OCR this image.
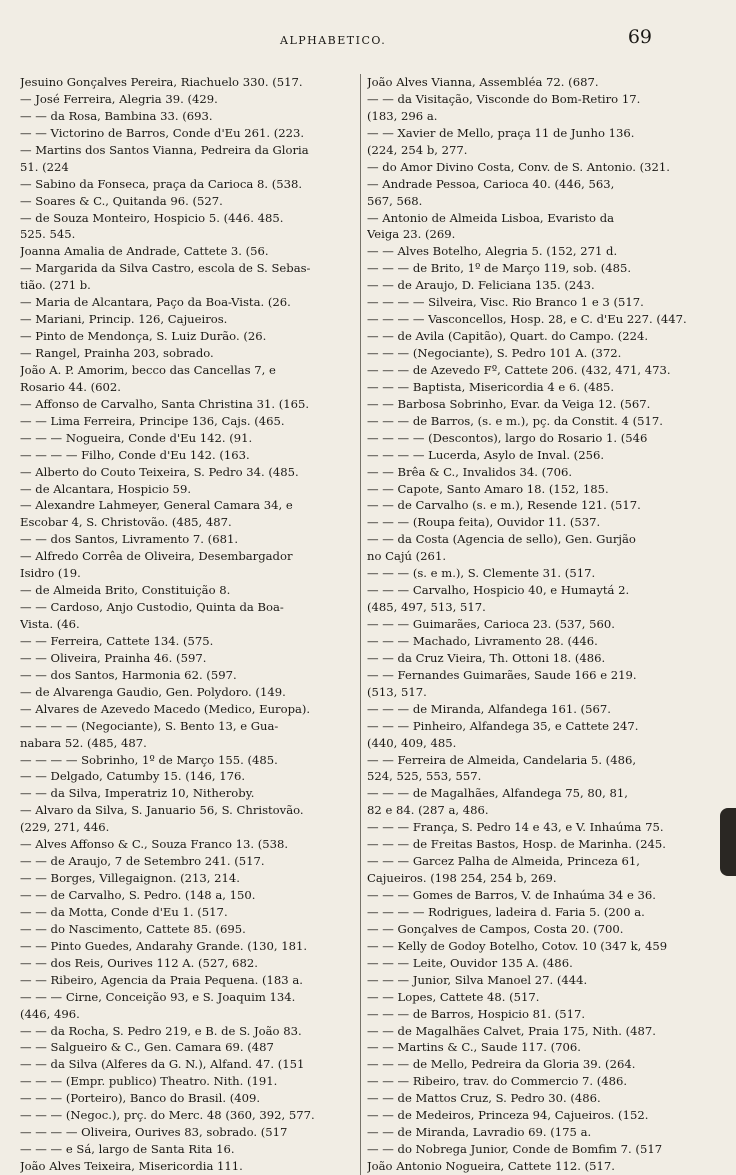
ALPHABETICO.	69
Jesuino Gonçalves Pereira, Riachuelo 330. (517.
— José Ferreira, Alegria 39. (429.
— — da Rosa, Bambina 33. (693.
— — Victorino de Barros, Conde d'Eu 261. (223.
— Martins dos Santos Vianna, Pedreira da Gloria
51. (224
— Sabino da Fonseca, praça da Carioca 8. (538.
— Soares & C., Quitanda 96. (527.
— de Souza Monteiro, Hospicio 5. (446. 485.
525. 545.
Joanna Amalia de Andrade, Cattete 3. (56.
— Margarida da Silva Castro, escola de S. Sebas-
tião. (271 b.
— Maria de Alcantara, Paço da Boa-Vista. (26.
— Mariani, Princip. 126, Cajueiros.
— Pinto de Mendonça, S. Luiz Durão. (26.
— Rangel, Prainha 203, sobrado.
João A. P. Amorim, becco das Cancellas 7, e
Rosario 44. (602.
— Affonso de Carvalho, Santa Christina 31. (165.
— — Lima Ferreira, Principe 136, Cajs. (465.
— — — Nogueira, Conde d'Eu 142. (91.
— — — — Filho, Conde d'Eu 142. (163.
— Alberto do Couto Teixeira, S. Pedro 34. (485.
— de Alcantara, Hospicio 59.
— Alexandre Lahmeyer, General Camara 34, e
Escobar 4, S. Christovão. (485, 487.
— — dos Santos, Livramento 7. (681.
— Alfredo Corrêa de Oliveira, Desembargador
Isidro (19.
— de Almeida Brito, Constituição 8.
— — Cardoso, Anjo Custodio, Quinta da Boa-
Vista. (46.
— — Ferreira, Cattete 134. (575.
— — Oliveira, Prainha 46. (597.
— — dos Santos, Harmonia 62. (597.
— de Alvarenga Gaudio, Gen. Polydoro. (149.
— Alvares de Azevedo Macedo (Medico, Europa).
— — — — (Negociante), S. Bento 13, e Gua-
nabara 52. (485, 487.
— — — — Sobrinho, 1º de Março 155. (485.
— — Delgado, Catumby 15. (146, 176.
— — da Silva, Imperatriz 10, Nitheroby.
— Alvaro da Silva, S. Januario 56, S. Christovão.
(229, 271, 446.
— Alves Affonso & C., Souza Franco 13. (538.
— — de Araujo, 7 de Setembro 241. (517.
— — Borges, Villegaignon. (213, 214.
— — de Carvalho, S. Pedro. (148 a, 150.
— — da Motta, Conde d'Eu 1. (517.
— — do Nascimento, Cattete 85. (695.
— — Pinto Guedes, Andarahy Grande. (130, 181.
— — dos Reis, Ourives 112 A. (527, 682.
— — Ribeiro, Agencia da Praia Pequena. (183 a.
— — — Cirne, Conceição 93, e S. Joaquim 134.
(446, 496.
— — da Rocha, S. Pedro 219, e B. de S. João 83.
— — Salgueiro & C., Gen. Camara 69. (487
— — da Silva (Alferes da G. N.), Alfand. 47. (151
— — — (Empr. publico) Theatro. Nith. (191.
— — — (Porteiro), Banco do Brasil. (409.
— — — (Negoc.), prç. do Merc. 48 (360, 392, 577.
— — — — Oliveira, Ourives 83, sobrado. (517
— — — e Sá, largo de Santa Rita 16.
João Alves Teixeira, Misericordia 111.
João Alves Vianna, Assembléa 72. (687.
— — da Visitação, Visconde do Bom-Retiro 17.
(183, 296 a.
— — Xavier de Mello, praça 11 de Junho 136.
(224, 254 b, 277.
— do Amor Divino Costa, Conv. de S. Antonio. (321.
— Andrade Pessoa, Carioca 40. (446, 563,
567, 568.
— Antonio de Almeida Lisboa, Evaristo da
Veiga 23. (269.
— — Alves Botelho, Alegria 5. (152, 271 d.
— — — de Brito, 1º de Março 119, sob. (485.
— — de Araujo, D. Feliciana 135. (243.
— — — — Silveira, Visc. Rio Branco 1 e 3 (517.
— — — — Vasconcellos, Hosp. 28, e C. d'Eu 227. (447.
— — de Avila (Capitão), Quart. do Campo. (224.
— — — (Negociante), S. Pedro 101 A. (372.
— — — de Azevedo Fº, Cattete 206. (432, 471, 473.
— — — Baptista, Misericordia 4 e 6. (485.
— — Barbosa Sobrinho, Evar. da Veiga 12. (567.
— — — de Barros, (s. e m.), pç. da Constit. 4 (517.
— — — — (Descontos), largo do Rosario 1. (546
— — — — Lucerda, Asylo de Inval. (256.
— — Brêa & C., Invalidos 34. (706.
— — Capote, Santo Amaro 18. (152, 185.
— — de Carvalho (s. e m.), Resende 121. (517.
— — — (Roupa feita), Ouvidor 11. (537.
— — da Costa (Agencia de sello), Gen. Gurjão
no Cajú (261.
— — — (s. e m.), S. Clemente 31. (517.
— — — Carvalho, Hospicio 40, e Humaytá 2.
(485, 497, 513, 517.
— — — Guimarães, Carioca 23. (537, 560.
— — — Machado, Livramento 28. (446.
— — da Cruz Vieira, Th. Ottoni 18. (486.
— — Fernandes Guimarães, Saude 166 e 219.
(513, 517.
— — — de Miranda, Alfandega 161. (567.
— — — Pinheiro, Alfandega 35, e Cattete 247.
(440, 409, 485.
— — Ferreira de Almeida, Candelaria 5. (486,
524, 525, 553, 557.
— — — de Magalhães, Alfandega 75, 80, 81,
82 e 84. (287 a, 486.
— — — França, S. Pedro 14 e 43, e V. Inhaúma 75.
— — — de Freitas Bastos, Hosp. de Marinha. (245.
— — — Garcez Palha de Almeida, Princeza 61,
Cajueiros. (198 254, 254 b, 269.
— — — Gomes de Barros, V. de Inhaúma 34 e 36.
— — — — Rodrigues, ladeira d. Faria 5. (200 a.
— — Gonçalves de Campos, Costa 20. (700.
— — Kelly de Godoy Botelho, Cotov. 10 (347 k, 459
— — — Leite, Ouvidor 135 A. (486.
— — — Junior, Silva Manoel 27. (444.
— — Lopes, Cattete 48. (517.
— — — de Barros, Hospicio 81. (517.
— — de Magalhães Calvet, Praia 175, Nith. (487.
— — Martins & C., Saude 117. (706.
— — — de Mello, Pedreira da Gloria 39. (264.
— — — Ribeiro, trav. do Commercio 7. (486.
— — de Mattos Cruz, S. Pedro 30. (486.
— — de Medeiros, Princeza 94, Cajueiros. (152.
— — de Miranda, Lavradio 69. (175 a.
— — do Nobrega Junior, Conde de Bomfim 7. (517
João Antonio Nogueira, Cattete 112. (517.
